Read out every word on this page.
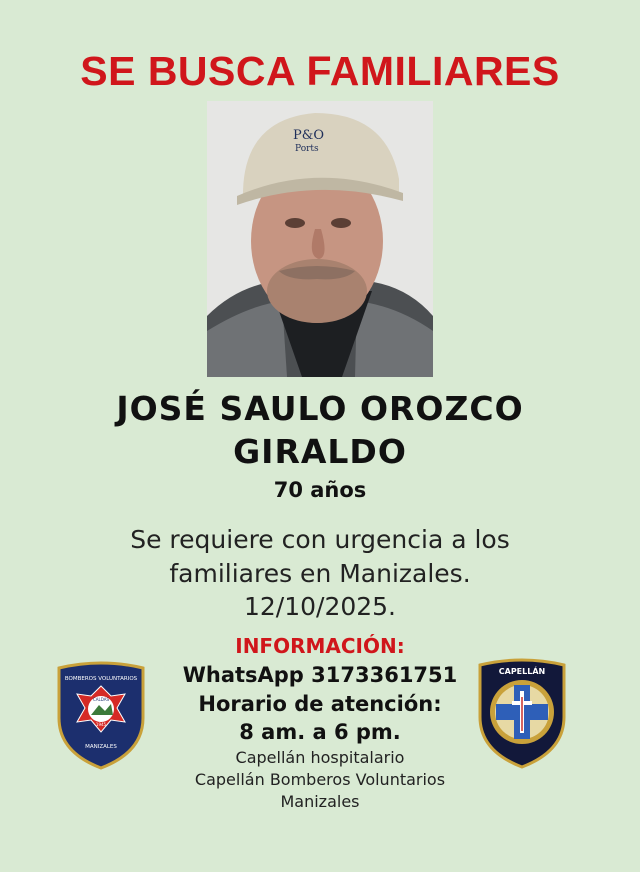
SE BUSCA FAMILIARES
P&O
Ports
JOSÉ SAULO OROZCO
GIRALDO
70 años
Se requiere con urgencia a los
familiares en Manizales.
12/10/2025.
INFORMACIÓN:
WhatsApp 3173361751
Horario de atención:
8 am. a 6 pm.
Capellán hospitalario
Capellán Bomberos Voluntarios
Manizales
BOMBEROS VOLUNTARIOS
CALDAS
1945
MANIZALES
CAPELLÁN
